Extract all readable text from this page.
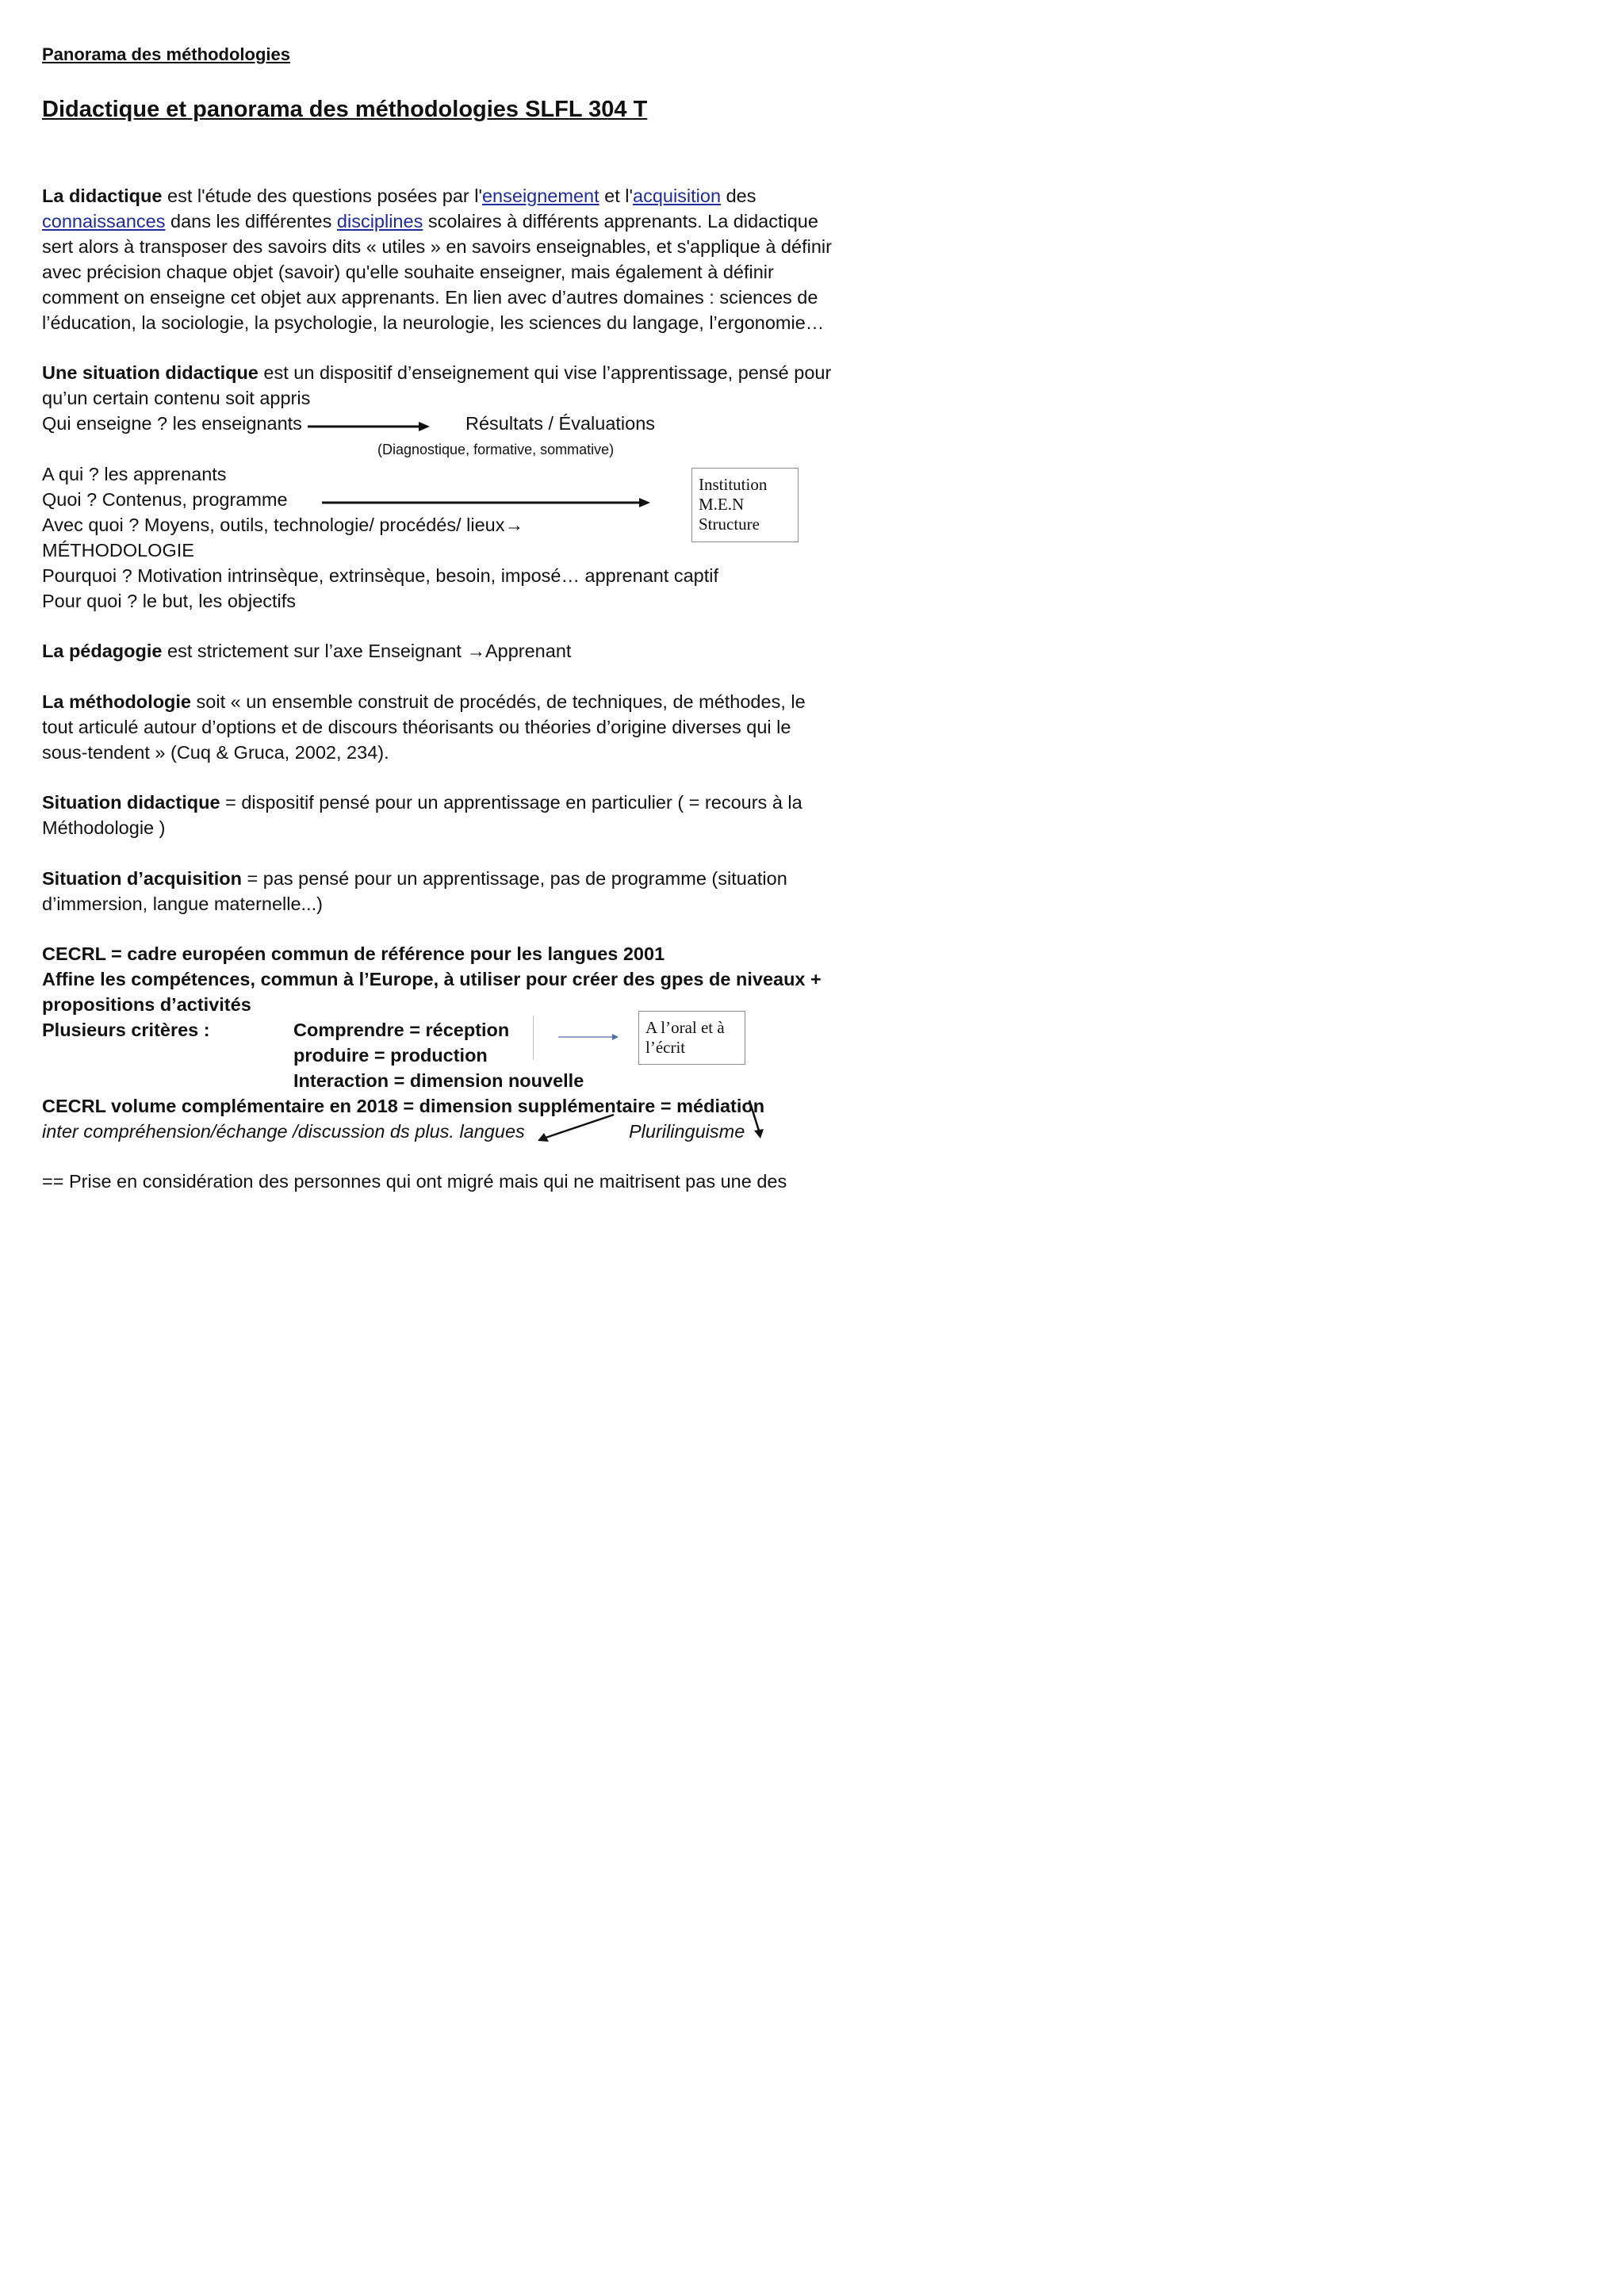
Panorama des méthodologies
Didactique et panorama des méthodologies SLFL 304 T
La didactique est l'étude des questions posées par l'enseignement et l'acquisition des
connaissances dans les différentes disciplines scolaires à différents apprenants. La didactique
sert alors à transposer des savoirs dits « utiles » en savoirs enseignables, et s'applique à définir
avec précision chaque objet (savoir) qu'elle souhaite enseigner, mais également à définir
comment on enseigne cet objet aux apprenants. En lien avec d’autres domaines : sciences de
l’éducation, la sociologie, la psychologie, la neurologie, les sciences du langage, l’ergonomie…
Une situation didactique est un dispositif d’enseignement qui vise l’apprentissage, pensé pour
qu’un certain contenu soit appris
Qui enseigne ? les enseignants	Résultats / Évaluations
(Diagnostique, formative, sommative)
A qui ? les apprenants
Quoi ? Contenus, programme
Avec quoi ? Moyens, outils, technologie/ procédés/ lieux→
MÉTHODOLOGIE
Pourquoi ? Motivation intrinsèque, extrinsèque, besoin, imposé… apprenant captif
Pour quoi ? le but, les objectifs
Institution
M.E.N
Structure
La pédagogie est strictement sur l’axe Enseignant →Apprenant
La méthodologie soit « un ensemble construit de procédés, de techniques, de méthodes, le
tout articulé autour d’options et de discours théorisants ou théories d’origine diverses qui le
sous-tendent » (Cuq & Gruca, 2002, 234).
Situation didactique = dispositif pensé pour un apprentissage en particulier ( = recours à la
Méthodologie )
Situation d’acquisition = pas pensé pour un apprentissage, pas de programme (situation
d’immersion, langue maternelle...)
CECRL = cadre européen commun de référence pour les langues 2001
Affine les compétences, commun à l’Europe, à utiliser pour créer des gpes de niveaux +
propositions d’activités
Plusieurs critères :	Comprendre = réception
produire = production
Interaction = dimension nouvelle
A l’oral et à
l’écrit
CECRL volume complémentaire en 2018 = dimension supplémentaire = médiation
inter compréhension/échange /discussion ds plus. langues	Plurilinguisme
== Prise en considération des personnes qui ont migré mais qui ne maitrisent pas une des
